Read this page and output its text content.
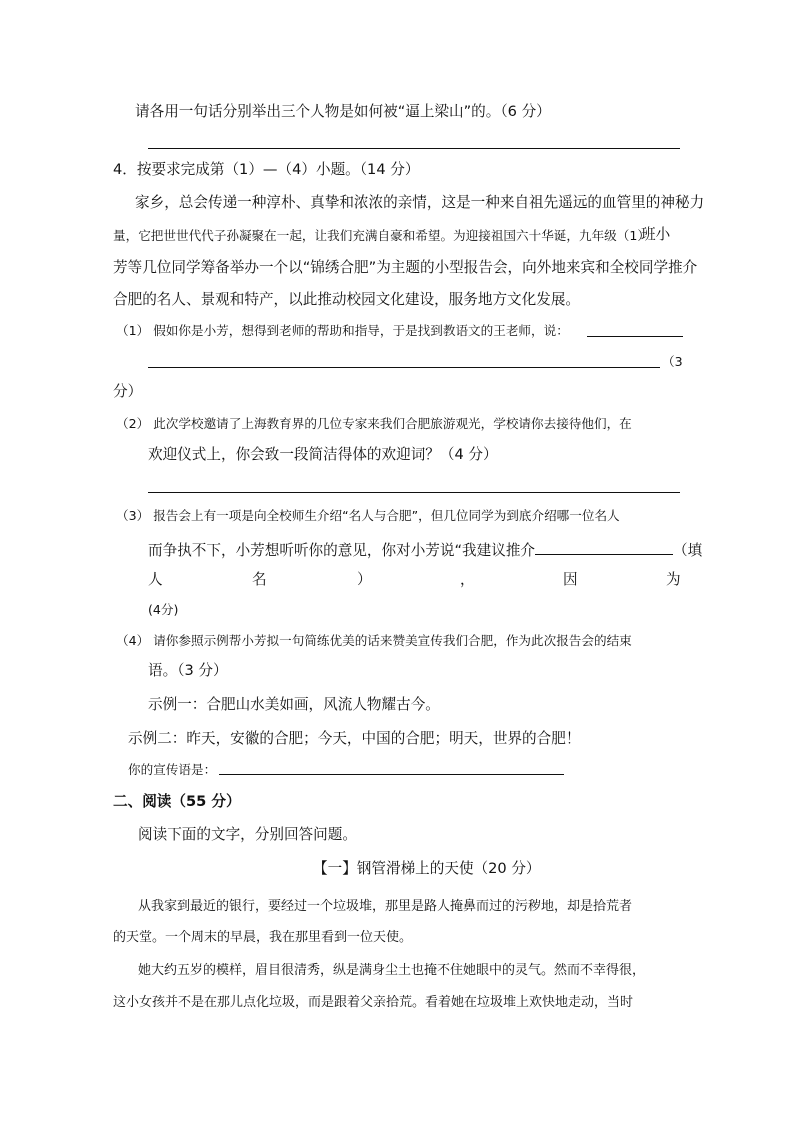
请各用一句话分别举出三个人物是如何被“逼上梁山”的。（6 分）
4．按要求完成第（1）—（4）小题。（14 分）
家乡，总会传递一种淳朴、真挚和浓浓的亲情，这是一种来自祖先遥远的血管里的神秘力
量，它把世世代代子孙凝聚在一起，让我们充满自豪和希望。为迎接祖国六十华诞，九年级（1）
班小
芳等几位同学筹备举办一个以“锦绣合肥”为主题的小型报告会，向外地来宾和全校同学推介
合肥的名人、景观和特产，以此推动校园文化建设，服务地方文化发展。
（1） 假如你是小芳，想得到老师的帮助和指导，于是找到教语文的王老师，说：
（3
分）
（2） 此次学校邀请了上海教育界的几位专家来我们合肥旅游观光，学校请你去接待他们，在
欢迎仪式上，你会致一段简洁得体的欢迎词？（4 分）
（3） 报告会上有一项是向全校师生介绍“名人与合肥”，但几位同学为到底介绍哪一位名人
而争执不下，小芳想听听你的意见，你对小芳说“我建议推介	（填
人	名	）	，	因	为
(4分)
（4） 请你参照示例帮小芳拟一句简练优美的话来赞美宣传我们合肥，作为此次报告会的结束
语。（3 分）
示例一：合肥山水美如画，风流人物耀古今。
示例二：昨天，安徽的合肥；今天，中国的合肥；明天，世界的合肥！
你的宣传语是：
二、阅读（55 分）
阅读下面的文字，分别回答问题。
【一】钢管滑梯上的天使（20 分）
从我家到最近的银行，要经过一个垃圾堆，那里是路人掩鼻而过的污秽地，却是拾荒者
的天堂。一个周末的早晨，我在那里看到一位天使。
她大约五岁的模样，眉目很清秀，纵是满身尘土也掩不住她眼中的灵气。然而不幸得很，
这小女孩并不是在那儿点化垃圾，而是跟着父亲拾荒。看着她在垃圾堆上欢快地走动，当时
